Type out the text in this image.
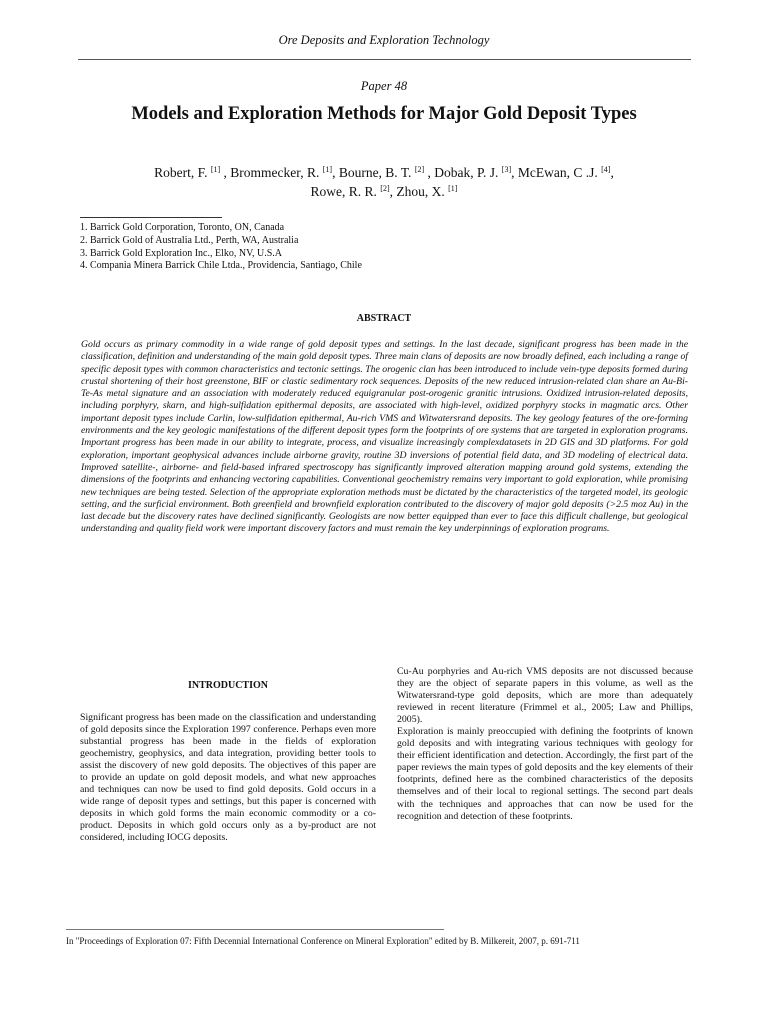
Ore Deposits and Exploration Technology
Paper 48
Models and Exploration Methods for Major Gold Deposit Types
Robert, F. [1] , Brommecker, R. [1], Bourne, B. T. [2] , Dobak, P. J. [3], McEwan, C .J. [4],
Rowe, R. R. [2], Zhou, X. [1]
1. Barrick Gold Corporation, Toronto, ON, Canada
2. Barrick Gold of Australia Ltd., Perth, WA, Australia
3. Barrick Gold Exploration Inc., Elko, NV, U.S.A
4. Compania Minera Barrick Chile Ltda., Providencia, Santiago, Chile
ABSTRACT

Gold occurs as primary commodity in a wide range of gold deposit types and settings. In the last decade, significant progress has been made in the classification, definition and understanding of the main gold deposit types. Three main clans of deposits are now broadly defined, each including a range of specific deposit types with common characteristics and tectonic settings. The orogenic clan has been introduced to include vein-type deposits formed during crustal shortening of their host greenstone, BIF or clastic sedimentary rock sequences. Deposits of the new reduced intrusion-related clan share an Au-Bi-Te-As metal signature and an association with moderately reduced equigranular post-orogenic granitic intrusions. Oxidized intrusion-related deposits, including porphyry, skarn, and high-sulfidation epithermal deposits, are associated with high-level, oxidized porphyry stocks in magmatic arcs. Other important deposit types include Carlin, low-sulfidation epithermal, Au-rich VMS and Witwatersrand deposits. The key geology features of the ore-forming environments and the key geologic manifestations of the different deposit types form the footprints of ore systems that are targeted in exploration programs. Important progress has been made in our ability to integrate, process, and visualize increasingly complexdatasets in 2D GIS and 3D platforms. For gold exploration, important geophysical advances include airborne gravity, routine 3D inversions of potential field data, and 3D modeling of electrical data. Improved satellite-, airborne- and field-based infrared spectroscopy has significantly improved alteration mapping around gold systems, extending the dimensions of the footprints and enhancing vectoring capabilities. Conventional geochemistry remains very important to gold exploration, while promising new techniques are being tested. Selection of the appropriate exploration methods must be dictated by the characteristics of the targeted model, its geologic setting, and the surficial environment. Both greenfield and brownfield exploration contributed to the discovery of major gold deposits (>2.5 moz Au) in the last decade but the discovery rates have declined significantly. Geologists are now better equipped than ever to face this difficult challenge, but geological understanding and quality field work were important discovery factors and must remain the key underpinnings of exploration programs.

INTRODUCTION

Significant progress has been made on the classification and understanding of gold deposits since the Exploration 1997 conference. Perhaps even more substantial progress has been made in the fields of exploration geochemistry, geophysics, and data integration, providing better tools to assist the discovery of new gold deposits. The objectives of this paper are to provide an update on gold deposit models, and what new approaches and techniques can now be used to find gold deposits. Gold occurs in a wide range of deposit types and settings, but this paper is concerned with deposits in which gold forms the main economic commodity or a co-product. Deposits in which gold occurs only as a by-product are not considered, including IOCG deposits.

Cu-Au porphyries and Au-rich VMS deposits are not discussed because they are the object of separate papers in this volume, as well as the Witwatersrand-type gold deposits, which are more than adequately reviewed in recent literature (Frimmel et al., 2005; Law and Phillips, 2005).

Exploration is mainly preoccupied with defining the footprints of known gold deposits and with integrating various techniques with geology for their efficient identification and detection. Accordingly, the first part of the paper reviews the main types of gold deposits and the key elements of their footprints, defined here as the combined characteristics of the deposits themselves and of their local to regional settings. The second part deals with the techniques and approaches that can now be used for the recognition and detection of these footprints.

In "Proceedings of Exploration 07: Fifth Decennial International Conference on Mineral Exploration" edited by B. Milkereit, 2007, p. 691-711
